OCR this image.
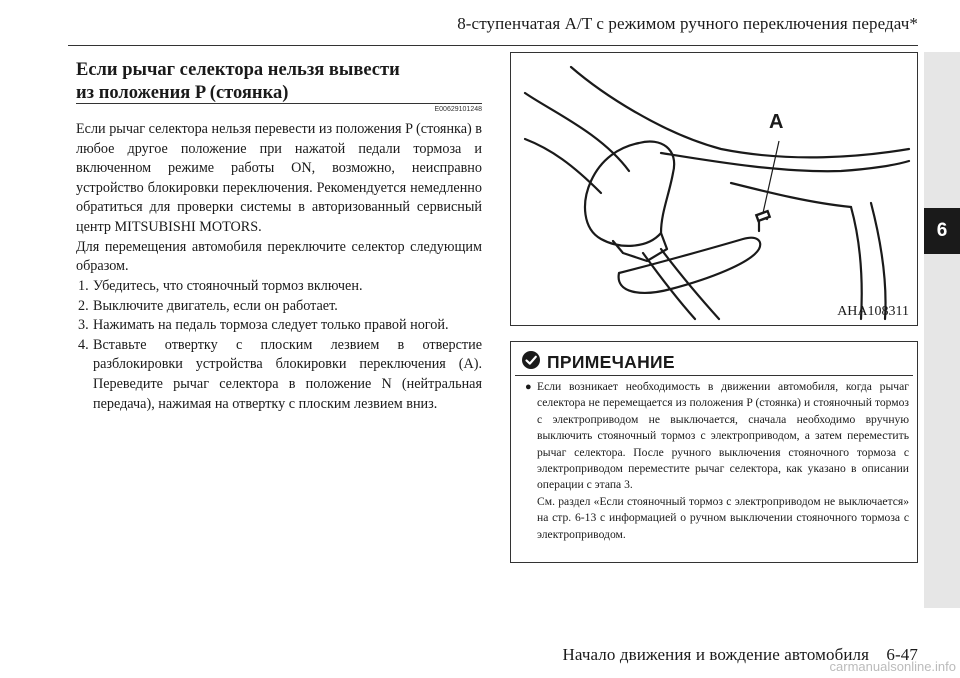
8-ступенчатая A/T с режимом ручного переключения передач*
6
Если рычаг селектора нельзя вывести из положения P (стоянка)
E00629101248

Если рычаг селектора нельзя перевести из положения P (стоянка) в любое другое положение при нажатой педали тормоза и включенном режиме работы ON, возможно, неисправно устройство блокировки переключения. Рекомендуется немедленно обратиться для проверки системы в авторизованный сервисный центр MITSUBISHI MOTORS.

Для перемещения автомобиля переключите селектор следующим образом.

1. Убедитесь, что стояночный тормоз включен.
2. Выключите двигатель, если он работает.
3. Нажимать на педаль тормоза следует только правой ногой.
4. Вставьте отвертку с плоским лезвием в отверстие разблокировки устройства блокировки переключения (A). Переведите рычаг селектора в положение N (нейтральная передача), нажимая на отвертку с плоским лезвием вниз.
A
AHA108311
ПРИМЕЧАНИЕ
● Если возникает необходимость в движении автомобиля, когда рычаг селектора не перемещается из положения P (стоянка) и стояночный тормоз с электроприводом не выключается, сначала необходимо вручную выключить стояночный тормоз с электроприводом, а затем переместить рычаг селектора. После ручного выключения стояночного тормоза с электроприводом переместите рычаг селектора, как указано в описании операции с этапа 3.

См. раздел «Если стояночный тормоз с электроприводом не выключается» на стр. 6-13 с информацией о ручном выключении стояночного тормоза с электроприводом.

Начало движения и вождение автомобиля    6-47
carmanualsonline.info
